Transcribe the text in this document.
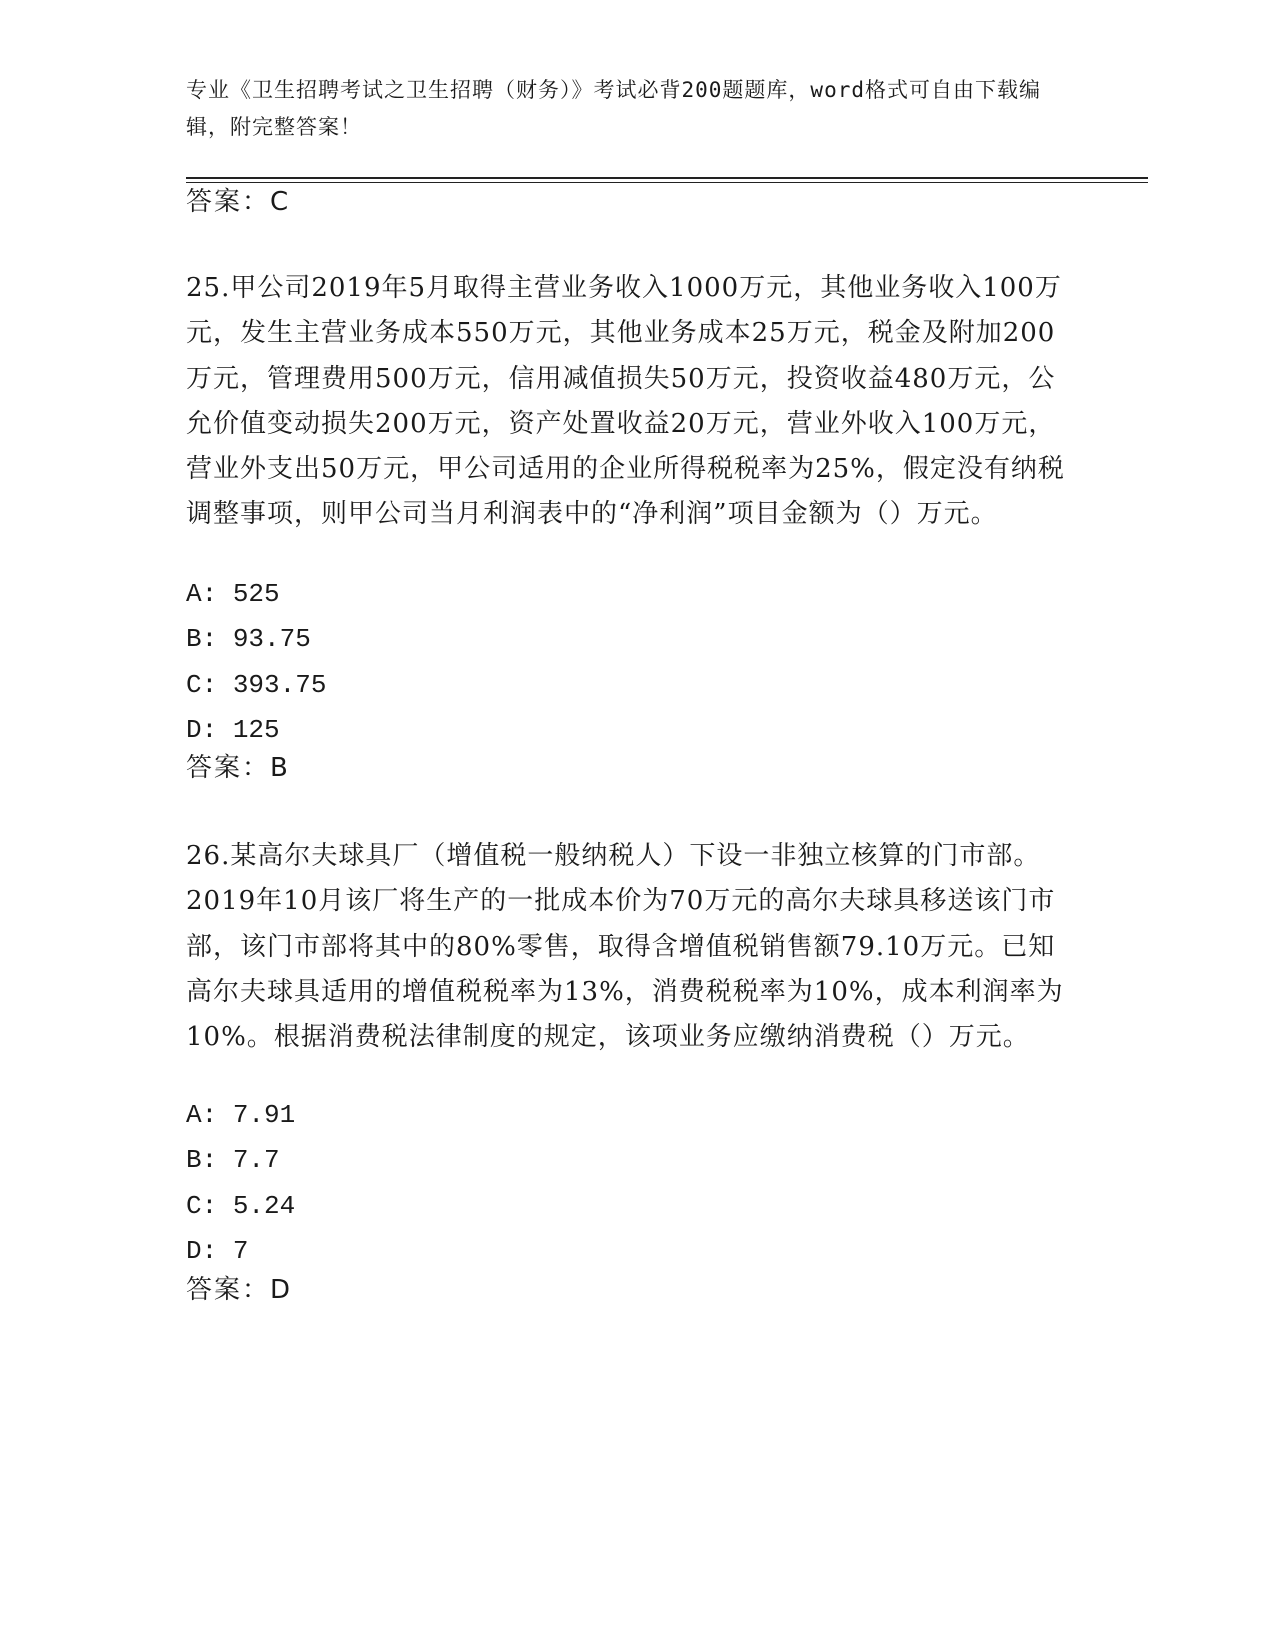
专业《卫生招聘考试之卫生招聘（财务）》考试必背200题题库，word格式可自由下载编辑，附完整答案！
答案：C
25.甲公司2019年5月取得主营业务收入1000万元，其他业务收入100万元，发生主营业务成本550万元，其他业务成本25万元，税金及附加200万元，管理费用500万元，信用减值损失50万元，投资收益480万元，公允价值变动损失200万元，资产处置收益20万元，营业外收入100万元，营业外支出50万元，甲公司适用的企业所得税税率为25%，假定没有纳税调整事项，则甲公司当月利润表中的“净利润”项目金额为（）万元。
A: 525
B: 93.75
C: 393.75
D: 125
答案：B
26.某高尔夫球具厂（增值税一般纳税人）下设一非独立核算的门市部。2019年10月该厂将生产的一批成本价为70万元的高尔夫球具移送该门市部，该门市部将其中的80%零售，取得含增值税销售额79.10万元。已知高尔夫球具适用的增值税税率为13%，消费税税率为10%，成本利润率为10%。根据消费税法律制度的规定，该项业务应缴纳消费税（）万元。
A: 7.91
B: 7.7
C: 5.24
D: 7
答案：D
